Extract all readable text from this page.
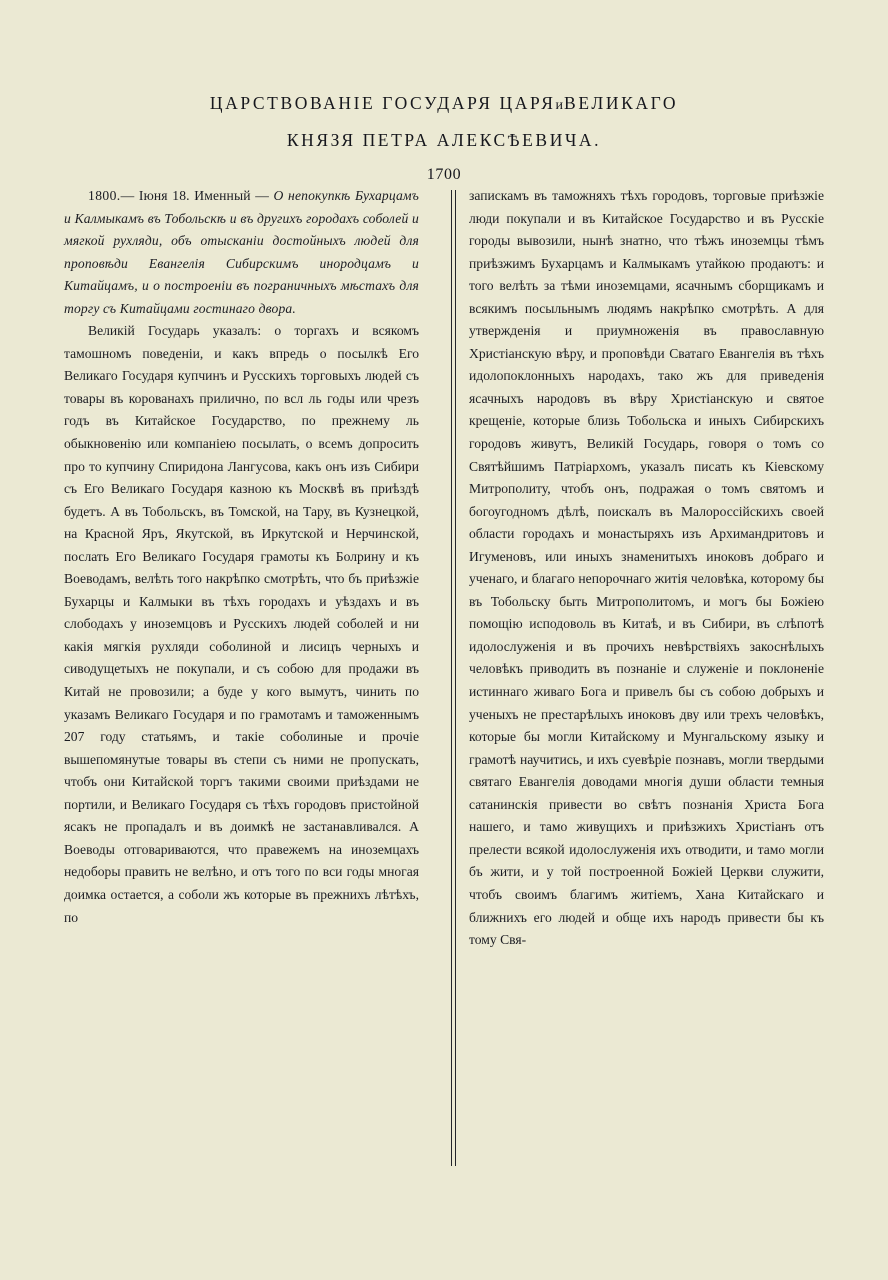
ЦАРСТВОВАНІЕ ГОСУДАРЯ ЦАРЯиВЕЛИКАГО
КНЯЗЯ ПЕТРА АЛЕКСѢЕВИЧА.
1700

1800.— Іюня 18. Именный — О непокупкѣ Бухарцамъ и Калмыкамъ въ Тобольскѣ и въ другихъ городахъ соболей и мягкой рухляди, объ отысканіи достойныхъ людей для проповѣди Евангелія Сибирскимъ инородцамъ и Китайцамъ, и о построеніи въ пограничныхъ мѣстахъ для торгу съ Китайцами гостинаго двора.

Великій Государь указалъ: о торгахъ и всякомъ тамошномъ поведеніи, и какъ впредь о посылкѣ Его Великаго Государя купчинъ и Русскихъ торговыхъ людей съ товары въ корованахъ прилично, по всл ль годы или чрезъ годъ въ Китайское Государство, по прежнему ль обыкновенію или компаніею посылать, о всемъ допросить про то купчину Спиридона Лангусова, какъ онъ изъ Сибири съ Его Великаго Государя казною къ Москвѣ въ приѣздѣ будетъ. А въ Тобольскъ, въ Томской, на Тару, въ Кузнецкой, на Красной Яръ, Якутской, въ Иркутской и Нерчинской, послать Его Великаго Государя грамоты къ Болрину и къ Воеводамъ, велѣть того накрѣпко смотрѣть, что бъ приѣзжіе Бухарцы и Калмыки въ тѣхъ городахъ и уѣздахъ и въ слободахъ у иноземцовъ и Русскихъ людей соболей и ни какія мягкія рухляди соболиной и лисицъ черныхъ и сиводущетыхъ не покупали, и съ собою для продажи въ Китай не провозили; а буде у кого вымутъ, чинить по указамъ Великаго Государя и по грамотамъ и таможеннымъ 207 году статьямъ, и такіе соболиные и прочіе вышепомянутые товары въ степи съ ними не пропускать, чтобъ они Китайской торгъ такими своими приѣздами не портили, и Великаго Государя съ тѣхъ городовъ пристойной ясакъ не пропадалъ и въ доимкѣ не застанавливался. А Воеводы отговариваются, что правежемъ на иноземцахъ недоборы править не велѣно, и отъ того по вси годы многая доимка остается, а соболи жъ которые въ прежнихъ лѣтѣхъ, по

запискамъ въ таможняхъ тѣхъ городовъ, торговые приѣзжіе люди покупали и въ Китайское Государство и въ Русскіе городы вывозили, нынѣ знатно, что тѣжъ иноземцы тѣмъ приѣзжимъ Бухарцамъ и Калмыкамъ утайкою продаютъ: и того велѣть за тѣми иноземцами, ясачнымъ сборщикамъ и всякимъ посыльнымъ людямъ накрѣпко смотрѣть. А для утвержденія и приумноженія въ православную Христіанскую вѣру, и проповѣди Сватаго Евангелія въ тѣхъ идолопоклонныхъ народахъ, тако жъ для приведенія ясачныхъ народовъ въ вѣру Христіанскую и святое крещеніе, которые близь Тобольска и иныхъ Сибирскихъ городовъ живутъ, Великій Государь, говоря о томъ со Святѣйшимъ Патріархомъ, указалъ писать къ Кіевскому Митрополиту, чтобъ онъ, подражая о томъ святомъ и богоугодномъ дѣлѣ, поискалъ въ Малороссійскихъ своей области городахъ и монастыряхъ изъ Архимандритовъ и Игуменовъ, или иныхъ знаменитыхъ иноковъ добраго и ученаго, и благаго непорочнаго житія человѣка, которому бы въ Тобольску быть Митрополитомъ, и могъ бы Божіею помощію исподоволь въ Китаѣ, и въ Сибири, въ слѣпотѣ идолослуженія и въ прочихъ невѣрствіяхъ закоснѣлыхъ человѣкъ приводить въ познаніе и служеніе и поклоненіе истиннаго живаго Бога и привелъ бы съ собою добрыхъ и ученыхъ не престарѣлыхъ иноковъ дву или трехъ человѣкъ, которые бы могли Китайскому и Мунгальскому языку и грамотѣ научитись, и ихъ суевѣріе познавъ, могли твердыми святаго Евангелія доводами многія души области темныя сатанинскія привести во свѣтъ познанія Христа Бога нашего, и тамо живущихъ и приѣзжихъ Христіанъ отъ прелести всякой идолослуженія ихъ отводити, и тамо могли бъ жити, и у той построенной Божіей Церкви служити, чтобъ своимъ благимъ житіемъ, Хана Китайскаго и ближнихъ его людей и обще ихъ народъ привести бы къ тому Свя-
